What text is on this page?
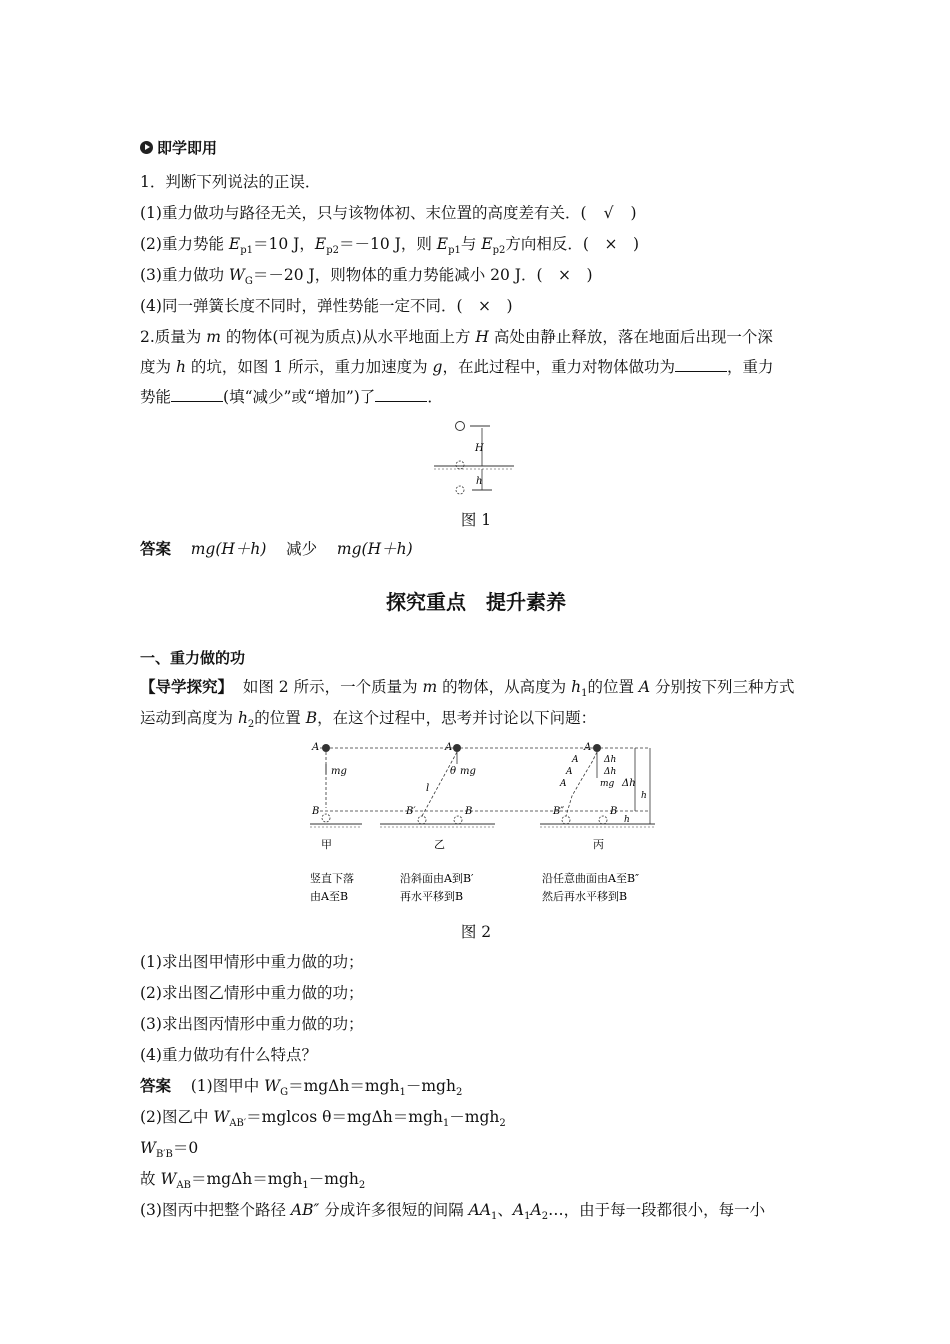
即学即用
1．判断下列说法的正误．
(1)重力做功与路径无关，只与该物体初、末位置的高度差有关．( √ )
(2)重力势能 $E_{p1}=10$ J，$E_{p2}=-10$ J，则 $E_{p1}$与 $E_{p2}$方向相反．( × )
(3)重力做功 $W_G=-20$ J，则物体的重力势能减小 20 J．( × )
(4)同一弹簧长度不同时，弹性势能一定不同．( × )
2.质量为 m 的物体(可视为质点)从水平地面上方 H 高处由静止释放，落在地面后出现一个深
度为 h 的坑，如图 1 所示，重力加速度为 g，在此过程中，重力对物体做功为	，重力
势能	(填“减少”或“增加”)了	．
H
h
图 1
答案 mg(H＋h) 减少 mg(H＋h)
探究重点　提升素养
一、重力做的功
【导学探究】 如图 2 所示，一个质量为 m 的物体，从高度为 $h_1$的位置 A 分别按下列三种方式
运动到高度为 $h_2$的位置 B，在这个过程中，思考并讨论以下问题：
A
mg
B
甲
竖直下落
由A至B
A
θ mg
l
B′	B
乙
沿斜面由A到B′
再水平移到B
A
A
A
A
Δh
Δh
mg
B″	B
Δh
h
h
丙
沿任意曲面由A至B″
然后再水平移到B
图 2
(1)求出图甲情形中重力做的功；
(2)求出图乙情形中重力做的功；
(3)求出图丙情形中重力做的功；
(4)重力做功有什么特点？
答案 (1)图甲中 $W_G=mg\Delta h=mgh_1-mgh_2$
(2)图乙中 $W_{AB'}=mglcos$ θ＝mgΔh＝mgh$_1$－mgh$_2$
$W_{B'B}=0$
故 $W_{AB}=mg\Delta h=mgh_1-mgh_2$
(3)图丙中把整个路径 AB″ 分成许多很短的间隔 $AA_1$、$A_1A_2\dots$，由于每一段都很小，每一小
